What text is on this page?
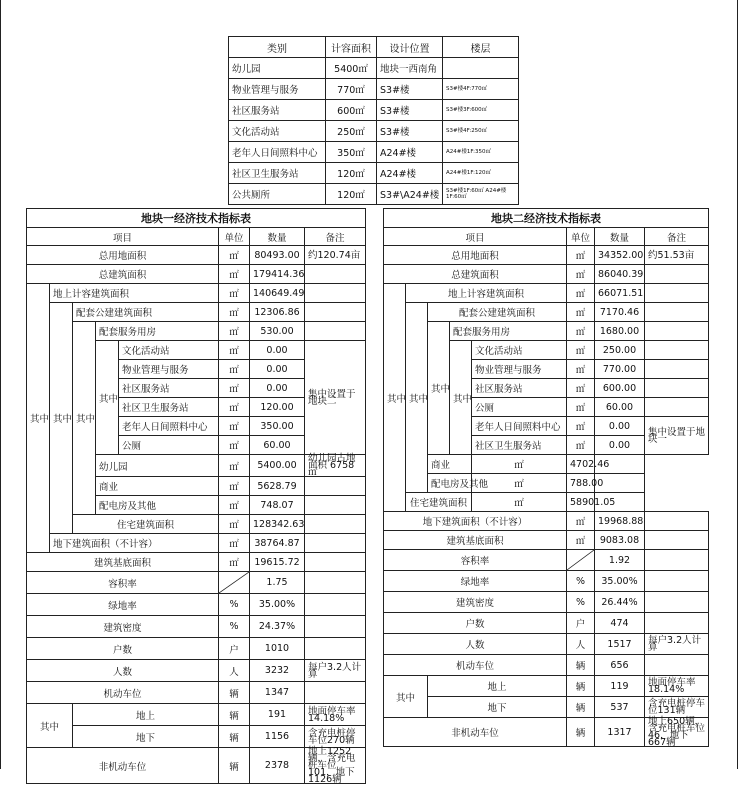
类别	计容面积	设计位置	楼层
幼儿园	5400㎡	地块一西南角	
物业管理与服务	770㎡	S3#楼	S3#楼4F:770㎡
社区服务站	600㎡	S3#楼	S3#楼3F:600㎡
文化活动站	250㎡	S3#楼	S3#楼4F:250㎡
老年人日间照料中心	350㎡	A24#楼	A24#楼1F:350㎡
社区卫生服务站	120㎡	A24#楼	A24#楼1F:120㎡
公共厕所	120㎡	S3#\A24#楼	S3#楼1F:60㎡ A24#楼1F:60㎡
地块一经济技术指标表							
项目					单位	数量	备注
总用地面积					㎡	80493.00	约120.74亩
总建筑面积					㎡	179414.36	
其中	地上计容建筑面积				㎡	140649.49	
	其中	配套公建建筑面积			㎡	12306.86	
		其中	配套服务用房		㎡	530.00	
			其中	文化活动站	㎡	0.00	集中设置于地块二
				物业管理与服务	㎡	0.00	
				社区服务站	㎡	0.00	
				社区卫生服务站	㎡	120.00	
				老年人日间照料中心	㎡	350.00	
				公厕	㎡	60.00	
			幼儿园		㎡	5400.00	幼儿园占地面积 6758㎡
			商业		㎡	5628.79	
			配电房及其他		㎡	748.07	
		住宅建筑面积			㎡	128342.63	
	地下建筑面积（不计容）				㎡	38764.87	
建筑基底面积					㎡	19615.72	
容积率						1.75	
绿地率					%	35.00%	
建筑密度					%	24.37%	
户数					户	1010	
人数					人	3232	每户3.2人计算
机动车位					辆	1347	
其中		地上			辆	191	地面停车率14.18%
		地下			辆	1156	含充电桩停车位270辆
非机动车位					辆	2378	地上1252辆，含充电桩车位101，地下1126辆
地块二经济技术指标表							
项目					单位	数量	备注
总用地面积					㎡	34352.00	约51.53亩
总建筑面积					㎡	86040.39	
其中	地上计容建筑面积				㎡	66071.51	
	其中	配套公建建筑面积			㎡	7170.46	
		其中	配套服务用房		㎡	1680.00	
			其中	文化活动站	㎡	250.00	
				物业管理与服务	㎡	770.00	
				社区服务站	㎡	600.00	
				公厕	㎡	60.00	
				老年人日间照料中心	㎡	0.00	集中设置于地块一
				社区卫生服务站	㎡	0.00	
		商业		㎡	4702.46		
		配电房及其他		㎡	788.00		
	住宅建筑面积			㎡	58901.05		
地下建筑面积（不计容）					㎡	19968.88	
建筑基底面积					㎡	9083.08	
容积率						1.92	
绿地率					%	35.00%	
建筑密度					%	26.44%	
户数					户	474	
人数					人	1517	每户3.2人计算
机动车位					辆	656	
其中		地上			辆	119	地面停车率18.14%
		地下			辆	537	含充电桩停车位131辆
非机动车位					辆	1317	地上650辆，含充电桩车位46，地下667辆
